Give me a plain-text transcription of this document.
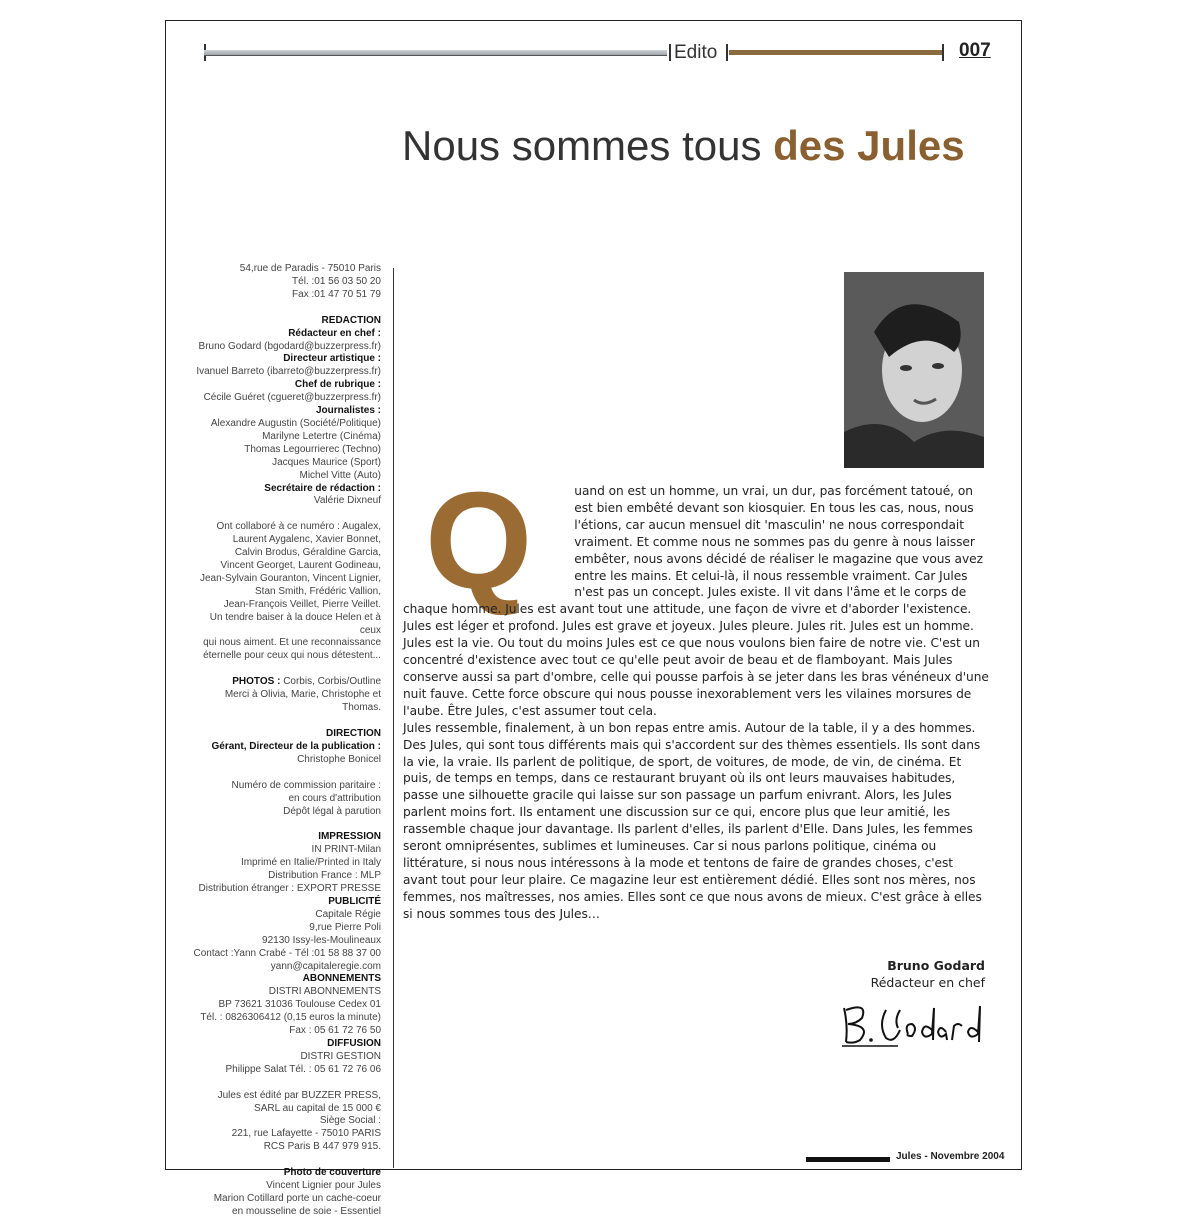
Edito	007
Nous sommes tous des Jules
54,rue de Paradis - 75010 Paris
Tél. :01 56 03 50 20
Fax :01 47 70 51 79
REDACTION
Rédacteur en chef :
Bruno Godard (bgodard@buzzerpress.fr)
Directeur artistique :
Ivanuel Barreto (ibarreto@buzzerpress.fr)
Chef de rubrique :
Cécile Guéret (cgueret@buzzerpress.fr)
Journalistes :
Alexandre Augustin (Société/Politique)
Marilyne Letertre (Cinéma)
Thomas Legourrierec (Techno)
Jacques Maurice (Sport)
Michel Vitte (Auto)
Secrétaire de rédaction :
Valérie Dixneuf
Ont collaboré à ce numéro : Augalex,
Laurent Aygalenc, Xavier Bonnet,
Calvin Brodus, Géraldine Garcia,
Vincent Georget, Laurent Godineau,
Jean-Sylvain Gouranton, Vincent Lignier,
Stan Smith, Frédéric Vallion,
Jean-François Veillet, Pierre Veillet.
Un tendre baiser à la douce Helen et à ceux
qui nous aiment. Et une reconnaissance
éternelle pour ceux qui nous détestent...
PHOTOS : Corbis, Corbis/Outline
Merci à Olivia, Marie, Christophe et Thomas.
DIRECTION
Gérant, Directeur de la publication :
Christophe Bonicel
Numéro de commission paritaire :
en cours d'attribution
Dépôt légal à parution
IMPRESSION
IN PRINT-Milan
Imprimé en Italie/Printed in Italy
Distribution France : MLP
Distribution étranger : EXPORT PRESSE
PUBLICITÉ
Capitale Régie
9,rue Pierre Poli
92130 Issy-les-Moulineaux
Contact :Yann Crabé - Tél :01 58 88 37 00
yann@capitaleregie.com
ABONNEMENTS
DISTRI ABONNEMENTS
BP 73621 31036 Toulouse Cedex 01
Tél. : 0826306412 (0,15 euros la minute)
Fax : 05 61 72 76 50
DIFFUSION
DISTRI GESTION
Philippe Salat Tél. : 05 61 72 76 06
Jules est édité par BUZZER PRESS,
SARL au capital de 15 000 €
Siège Social :
221, rue Lafayette - 75010 PARIS
RCS Paris B 447 979 915.
Photo de couverture
Vincent Lignier pour Jules
Marion Cotillard porte un cache-coeur
en mousseline de soie - Essentiel
Q	uand on est un homme, un vrai, un dur, pas forcément tatoué, on est bien embêté devant son kiosquier. En tous les cas, nous, nous l'étions, car aucun mensuel dit 'masculin' ne nous correspondait vraiment. Et comme nous ne sommes pas du genre à nous laisser embêter, nous avons décidé de réaliser le magazine que vous avez entre les mains. Et celui-là, il nous ressemble vraiment. Car Jules n'est pas un concept. Jules existe. Il vit dans l'âme et le corps de chaque homme. Jules est avant tout une attitude, une façon de vivre et d'aborder l'existence. Jules est léger et profond. Jules est grave et joyeux. Jules pleure. Jules rit. Jules est un homme. Jules est la vie. Ou tout du moins Jules est ce que nous voulons bien faire de notre vie. C'est un concentré d'existence avec tout ce qu'elle peut avoir de beau et de flamboyant. Mais Jules conserve aussi sa part d'ombre, celle qui pousse parfois à se jeter dans les bras vénéneux d'une nuit fauve. Cette force obscure qui nous pousse inexorablement vers les vilaines morsures de l'aube. Être Jules, c'est assumer tout cela.

Jules ressemble, finalement, à un bon repas entre amis. Autour de la table, il y a des hommes. Des Jules, qui sont tous différents mais qui s'accordent sur des thèmes essentiels. Ils sont dans la vie, la vraie. Ils parlent de politique, de sport, de voitures, de mode, de vin, de cinéma. Et puis, de temps en temps, dans ce restaurant bruyant où ils ont leurs mauvaises habitudes, passe une silhouette gracile qui laisse sur son passage un parfum enivrant. Alors, les Jules parlent moins fort. Ils entament une discussion sur ce qui, encore plus que leur amitié, les rassemble chaque jour davantage. Ils parlent d'elles, ils parlent d'Elle. Dans Jules, les femmes seront omniprésentes, sublimes et lumineuses. Car si nous parlons politique, cinéma ou littérature, si nous nous intéressons à la mode et tentons de faire de grandes choses, c'est avant tout pour leur plaire. Ce magazine leur est entièrement dédié. Elles sont nos mères, nos femmes, nos maîtresses, nos amies. Elles sont ce que nous avons de mieux. C'est grâce à elles si nous sommes tous des Jules…

Bruno Godard
Rédacteur en chef
Jules - Novembre 2004
